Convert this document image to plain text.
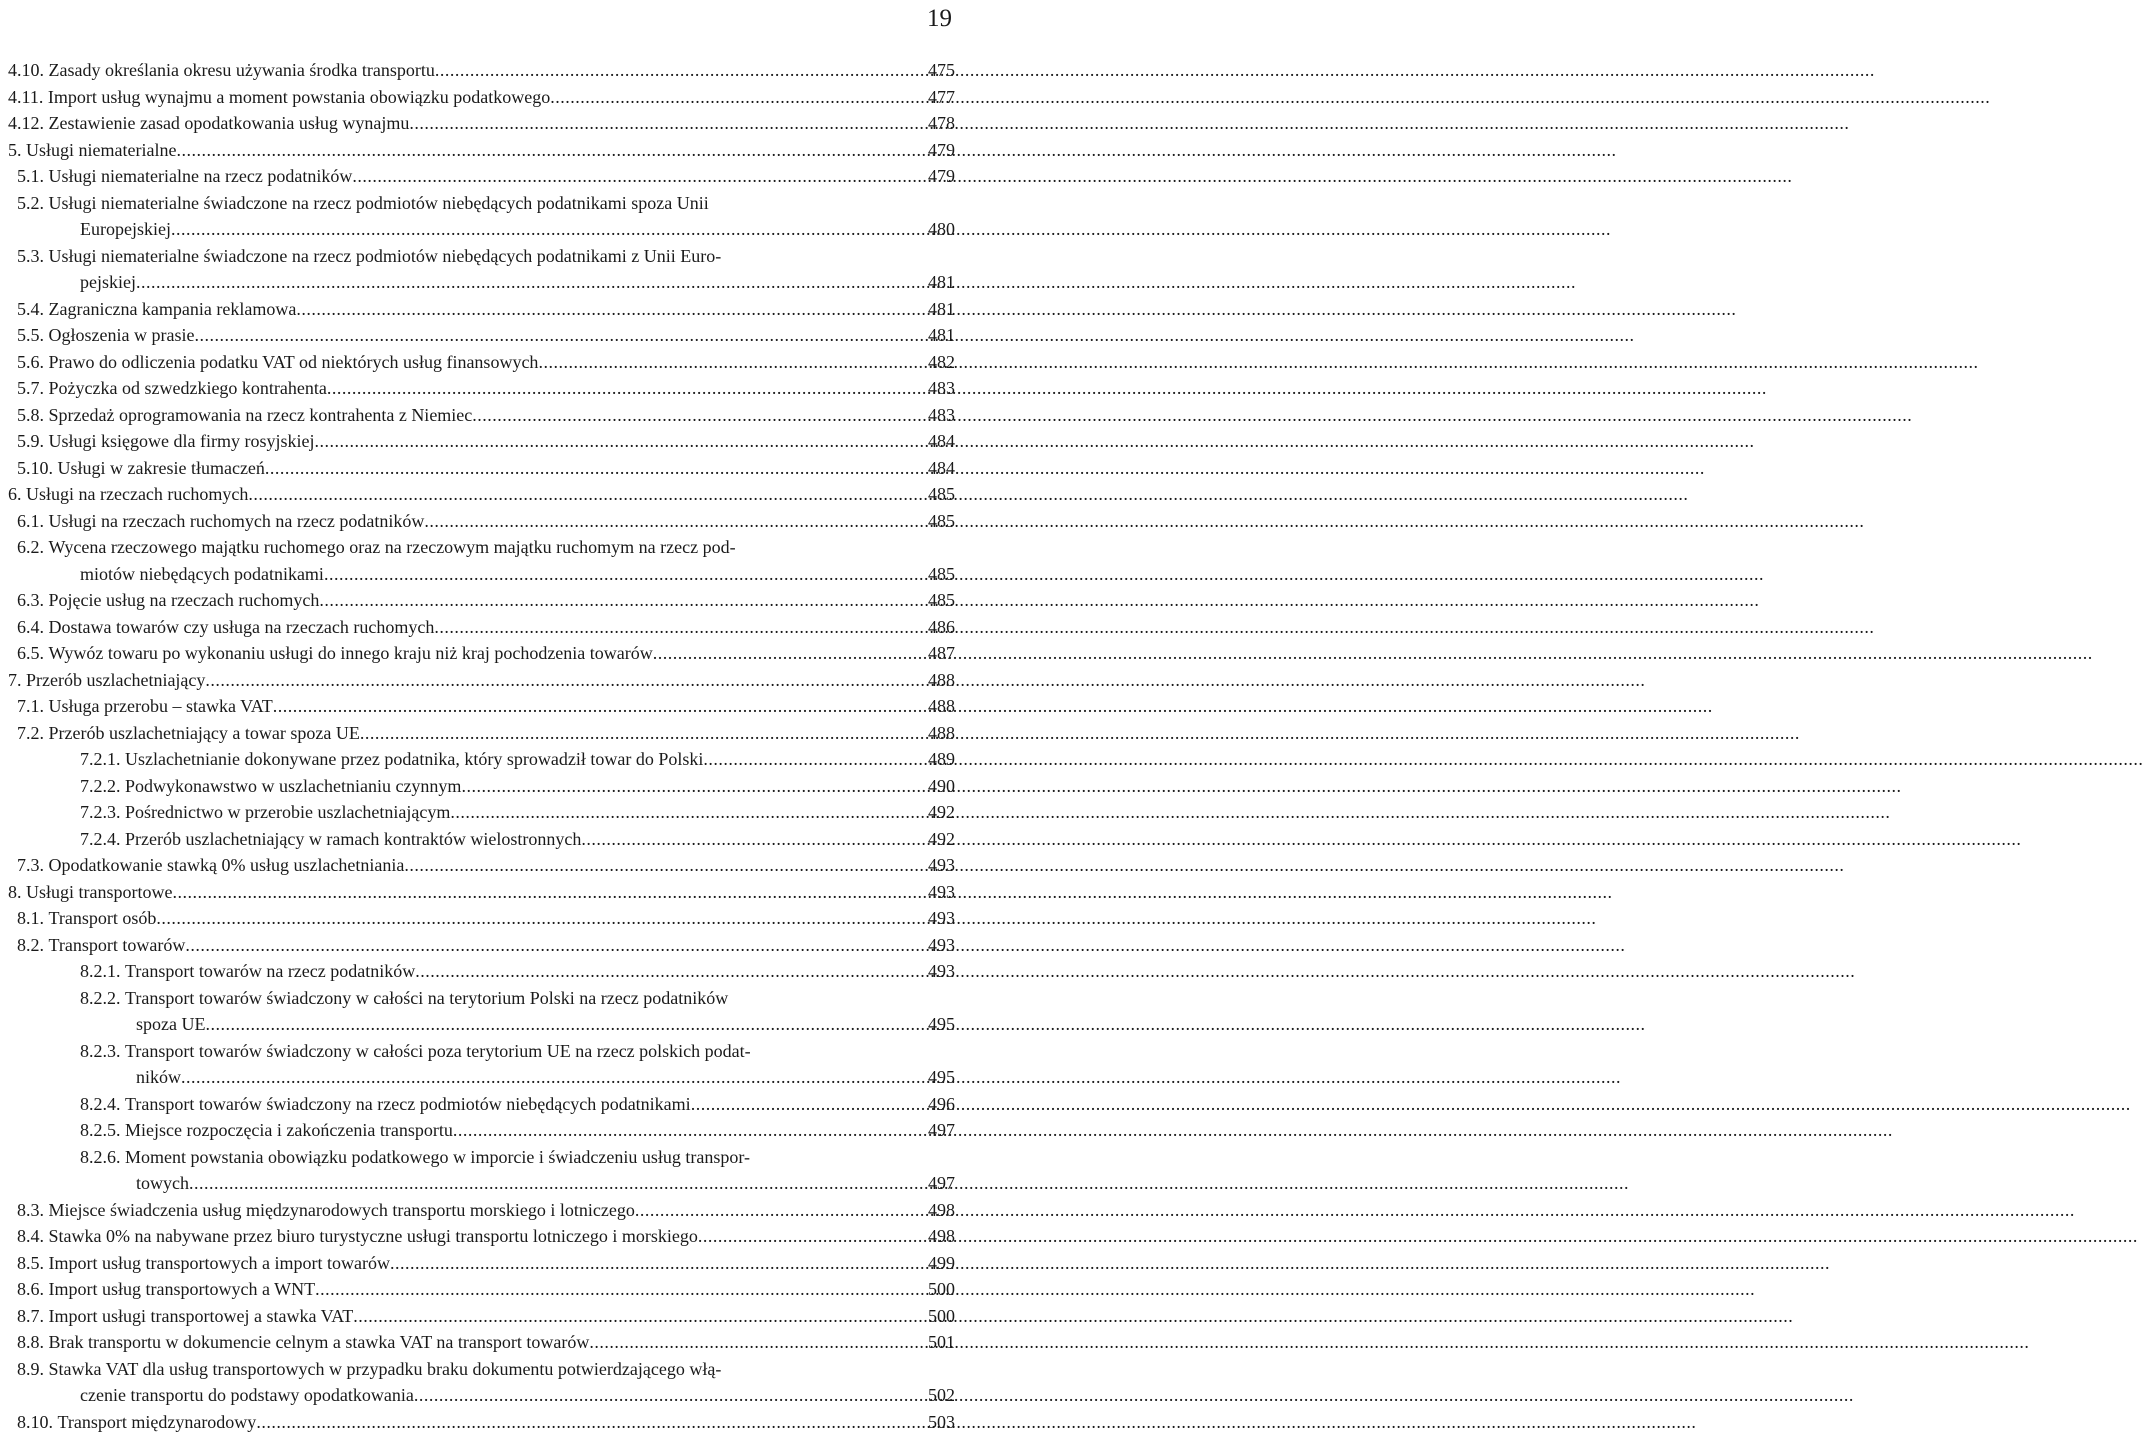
19
4.10. Zasady określania okresu używania środka transportu .....	475
4.11. Import usług wynajmu a moment powstania obowiązku podatkowego .....	477
4.12. Zestawienie zasad opodatkowania usług wynajmu .....	478
5. Usługi niematerialne .....	479
5.1. Usługi niematerialne na rzecz podatników .....	479
5.2. Usługi niematerialne świadczone na rzecz podmiotów niebędących podatnikami spoza Unii
Europejskiej .....	480
5.3. Usługi niematerialne świadczone na rzecz podmiotów niebędących podatnikami z Unii Euro-
pejskiej .....	481
5.4. Zagraniczna kampania reklamowa .....	481
5.5. Ogłoszenia w prasie .....	481
5.6. Prawo do odliczenia podatku VAT od niektórych usług finansowych .....	482
5.7. Pożyczka od szwedzkiego kontrahenta .....	483
5.8. Sprzedaż oprogramowania na rzecz kontrahenta z Niemiec .....	483
5.9. Usługi księgowe dla firmy rosyjskiej .....	484
5.10. Usługi w zakresie tłumaczeń .....	484
6. Usługi na rzeczach ruchomych .....	485
6.1. Usługi na rzeczach ruchomych na rzecz podatników .....	485
6.2. Wycena rzeczowego majątku ruchomego oraz na rzeczowym majątku ruchomym na rzecz pod-
miotów niebędących podatnikami .....	485
6.3. Pojęcie usług na rzeczach ruchomych .....	485
6.4. Dostawa towarów czy usługa na rzeczach ruchomych .....	486
6.5. Wywóz towaru po wykonaniu usługi do innego kraju niż kraj pochodzenia towarów .....	487
7. Przerób uszlachetniający .....	488
7.1. Usługa przerobu – stawka VAT .....	488
7.2. Przerób uszlachetniający a towar spoza UE .....	488
7.2.1. Uszlachetnianie dokonywane przez podatnika, który sprowadził towar do Polski .....	489
7.2.2. Podwykonawstwo w uszlachetnianiu czynnym .....	490
7.2.3. Pośrednictwo w przerobie uszlachetniającym .....	492
7.2.4. Przerób uszlachetniający w ramach kontraktów wielostronnych .....	492
7.3. Opodatkowanie stawką 0% usług uszlachetniania .....	493
8. Usługi transportowe .....	493
8.1. Transport osób .....	493
8.2. Transport towarów .....	493
8.2.1. Transport towarów na rzecz podatników .....	493
8.2.2. Transport towarów świadczony w całości na terytorium Polski na rzecz podatników
spoza UE .....	495
8.2.3. Transport towarów świadczony w całości poza terytorium UE na rzecz polskich podat-
ników .....	495
8.2.4. Transport towarów świadczony na rzecz podmiotów niebędących podatnikami .....	496
8.2.5. Miejsce rozpoczęcia i zakończenia transportu .....	497
8.2.6. Moment powstania obowiązku podatkowego w imporcie i świadczeniu usług transpor-
towych .....	497
8.3. Miejsce świadczenia usług międzynarodowych transportu morskiego i lotniczego .....	498
8.4. Stawka 0% na nabywane przez biuro turystyczne usługi transportu lotniczego i morskiego .....	498
8.5. Import usług transportowych a import towarów .....	499
8.6. Import usług transportowych a WNT .....	500
8.7. Import usługi transportowej a stawka VAT .....	500
8.8. Brak transportu w dokumencie celnym a stawka VAT na transport towarów .....	501
8.9. Stawka VAT dla usług transportowych w przypadku braku dokumentu potwierdzającego włą-
czenie transportu do podstawy opodatkowania .....	502
8.10. Transport międzynarodowy .....	503
